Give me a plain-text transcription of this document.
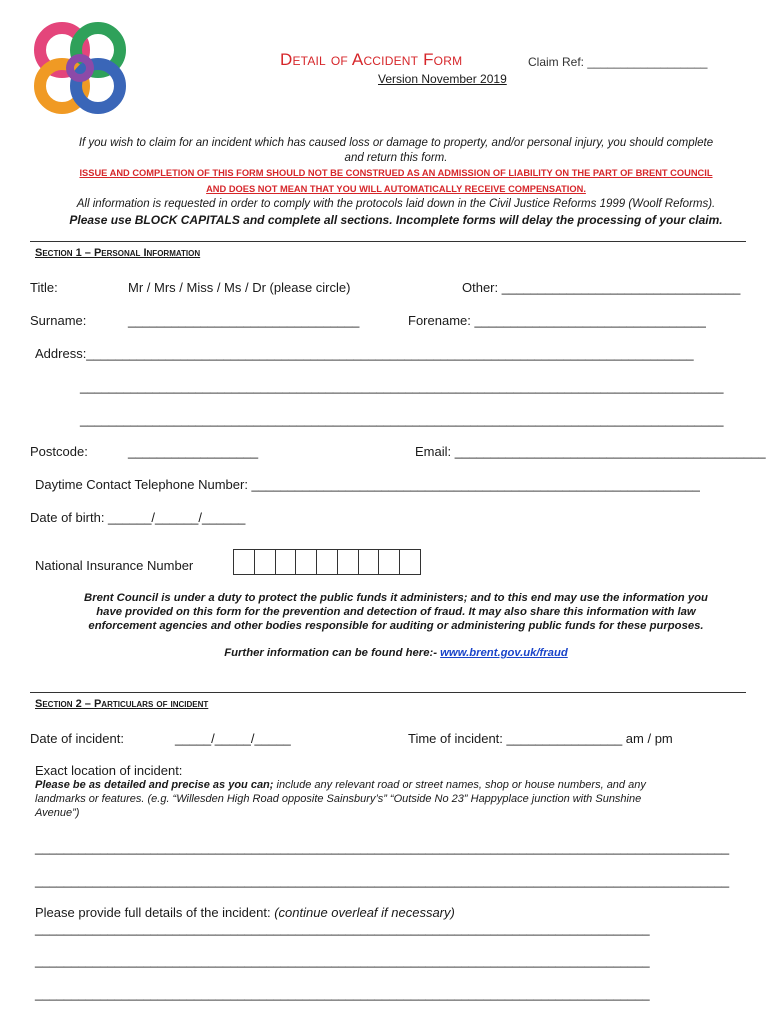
Detail of Accident Form	Claim Ref: __________________
Version November 2019
If you wish to claim for an incident which has caused loss or damage to property, and/or personal injury, you should complete
and return this form.
ISSUE AND COMPLETION OF THIS FORM SHOULD NOT BE CONSTRUED AS AN ADMISSION OF LIABILITY ON THE PART OF BRENT COUNCIL
AND DOES NOT MEAN THAT YOU WILL AUTOMATICALLY RECEIVE COMPENSATION.
All information is requested in order to comply with the protocols laid down in the Civil Justice Reforms 1999 (Woolf Reforms).
Please use BLOCK CAPITALS and complete all sections. Incomplete forms will delay the processing of your claim.
Section 1 – Personal Information
Title:	Mr / Mrs / Miss / Ms / Dr (please circle)	Other: _________________________________
Surname:	________________________________	Forename: ________________________________
Address:____________________________________________________________________________________
_________________________________________________________________________________________
_________________________________________________________________________________________
Postcode:	__________________	Email: ___________________________________________
Daytime Contact Telephone Number: ______________________________________________________________
Date of birth: ______/______/______
National Insurance Number
Brent Council is under a duty to protect the public funds it administers; and to this end may use the information you
have provided on this form for the prevention and detection of fraud. It may also share this information with law
enforcement agencies and other bodies responsible for auditing or administering public funds for these purposes.
Further information can be found here:- www.brent.gov.uk/fraud
Section 2 – Particulars of incident
Date of incident:	_____/_____/_____	Time of incident: ________________ am / pm
Exact location of incident:
Please be as detailed and precise as you can; include any relevant road or street names, shop or house numbers, and any
landmarks or features. (e.g. “Willesden High Road opposite Sainsbury’s” “Outside No 23” Happyplace junction with Sunshine
Avenue”)
________________________________________________________________________________________________
________________________________________________________________________________________________
Please provide full details of the incident: (continue overleaf if necessary)
_____________________________________________________________________________________
_____________________________________________________________________________________
_____________________________________________________________________________________
